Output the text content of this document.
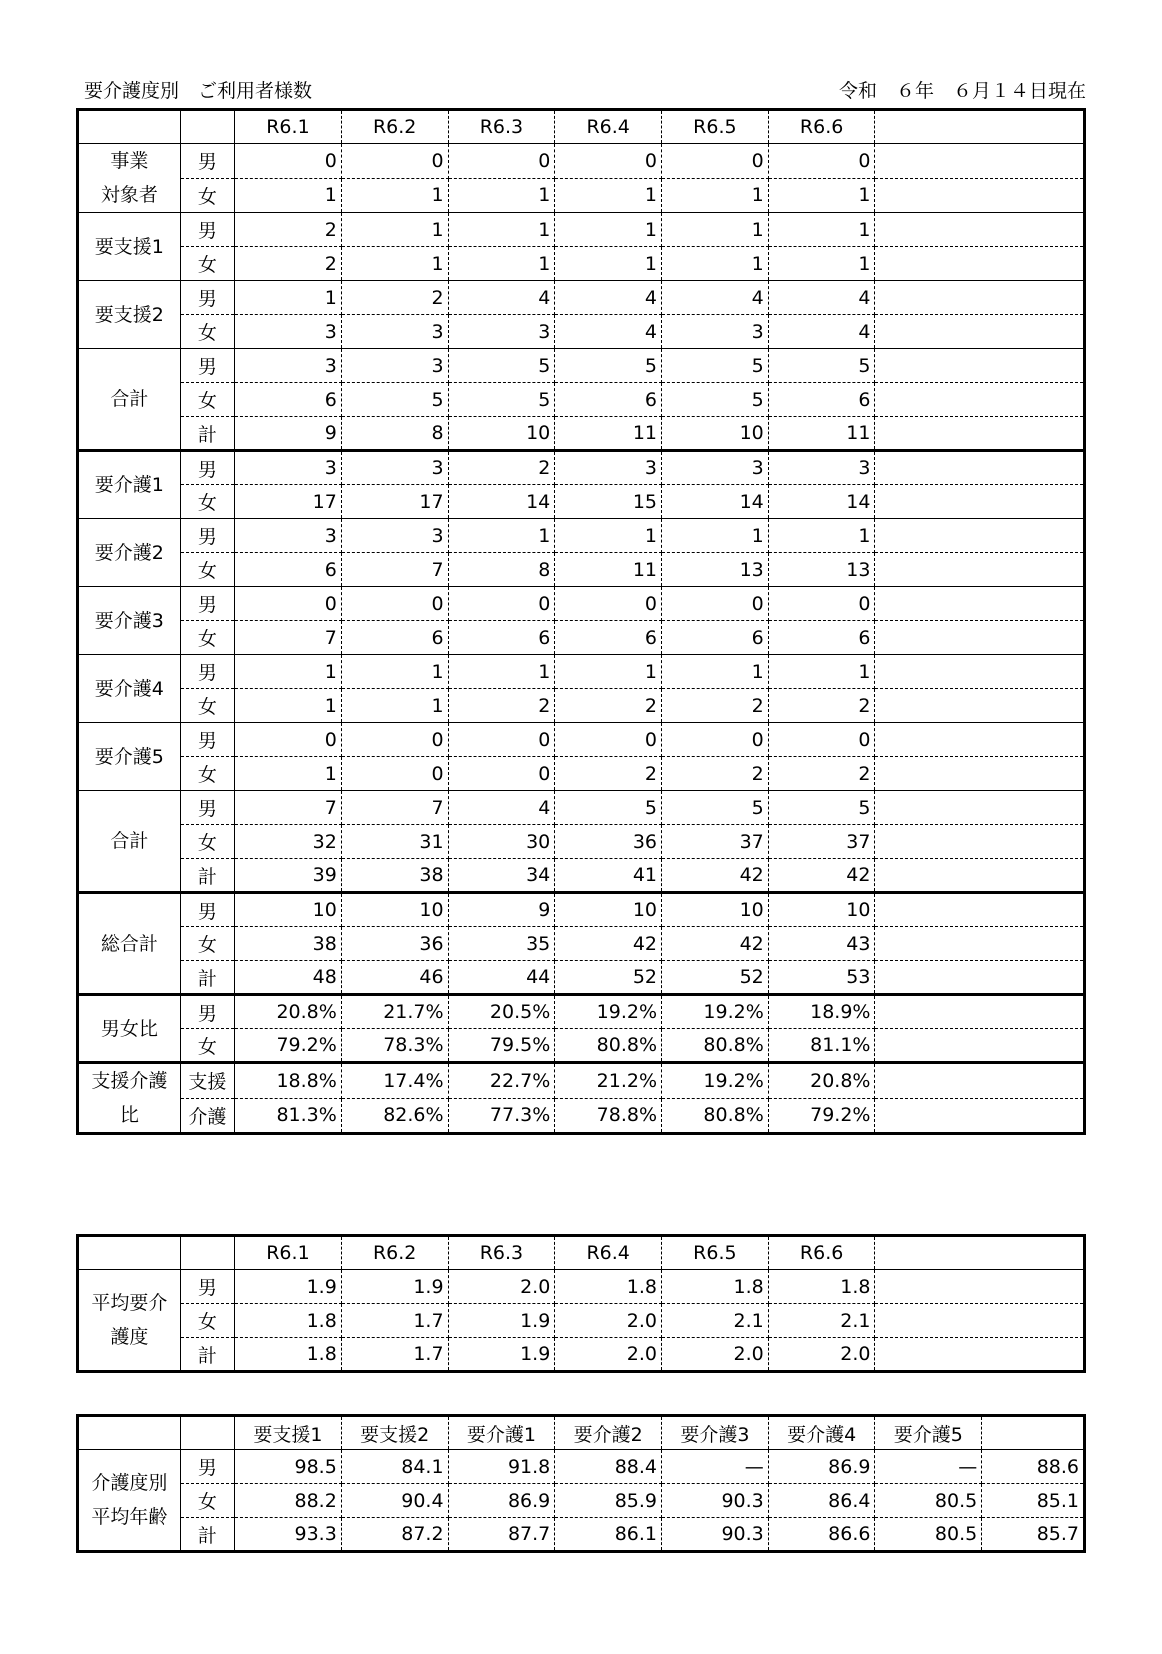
要介護度別　ご利用者様数	令和　６年　６月１４日現在
		R6.1	R6.2	R6.3	R6.4	R6.5	R6.6	
事業
対象者	男	0	0	0	0	0	0	
	女	1	1	1	1	1	1	
要支援1	男	2	1	1	1	1	1	
	女	2	1	1	1	1	1	
要支援2	男	1	2	4	4	4	4	
	女	3	3	3	4	3	4	
合計	男	3	3	5	5	5	5	
	女	6	5	5	6	5	6	
	計	9	8	10	11	10	11	
要介護1	男	3	3	2	3	3	3	
	女	17	17	14	15	14	14	
要介護2	男	3	3	1	1	1	1	
	女	6	7	8	11	13	13	
要介護3	男	0	0	0	0	0	0	
	女	7	6	6	6	6	6	
要介護4	男	1	1	1	1	1	1	
	女	1	1	2	2	2	2	
要介護5	男	0	0	0	0	0	0	
	女	1	0	0	2	2	2	
合計	男	7	7	4	5	5	5	
	女	32	31	30	36	37	37	
	計	39	38	34	41	42	42	
総合計	男	10	10	9	10	10	10	
	女	38	36	35	42	42	43	
	計	48	46	44	52	52	53	
男女比	男	20.8%	21.7%	20.5%	19.2%	19.2%	18.9%	
	女	79.2%	78.3%	79.5%	80.8%	80.8%	81.1%	
支援介護
比	支援	18.8%	17.4%	22.7%	21.2%	19.2%	20.8%	
	介護	81.3%	82.6%	77.3%	78.8%	80.8%	79.2%	
		R6.1	R6.2	R6.3	R6.4	R6.5	R6.6	
平均要介
護度	男	1.9	1.9	2.0	1.8	1.8	1.8	
	女	1.8	1.7	1.9	2.0	2.1	2.1	
	計	1.8	1.7	1.9	2.0	2.0	2.0	
		要支援1	要支援2	要介護1	要介護2	要介護3	要介護4	要介護5	
介護度別
平均年齢	男	98.5	84.1	91.8	88.4	—	86.9	—	88.6
	女	88.2	90.4	86.9	85.9	90.3	86.4	80.5	85.1
	計	93.3	87.2	87.7	86.1	90.3	86.6	80.5	85.7
